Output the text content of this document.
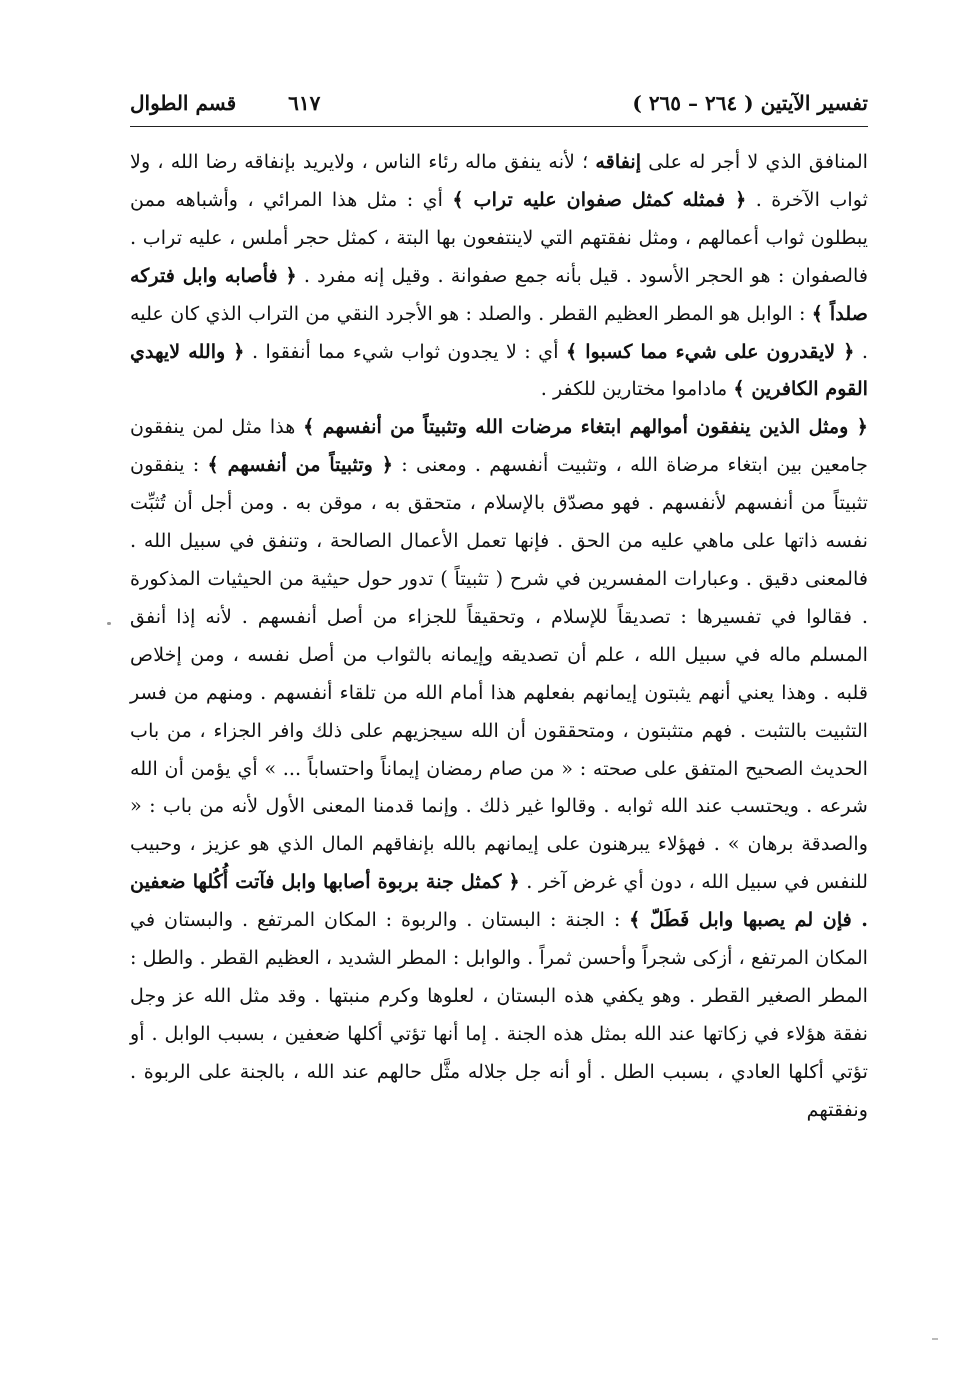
تفسير الآيتين ( ٢٦٤ – ٢٦٥ )
٦١٧  قسم الطوال

المنافق الذي لا أجر له على إنفاقه ؛ لأنه ينفق ماله رئاء الناس ، ولايريد بإنفاقه رضا الله ، ولا ثواب الآخرة . ﴿ فمثله كمثل صفوان عليه تراب ﴾ أي : مثل هذا المرائي ، وأشباهه ممن يبطلون ثواب أعمالهم ، ومثل نفقتهم التي لاينتفعون بها البتة ، كمثل حجر أملس ، عليه تراب . فالصفوان : هو الحجر الأسود . قيل بأنه جمع صفوانة . وقيل إنه مفرد . ﴿ فأصابه وابل فتركه صلداً ﴾ : الوابل هو المطر العظيم القطر . والصلد : هو الأجرد النقي من التراب الذي كان عليه . ﴿ لايقدرون على شيء مما كسبوا ﴾ أي : لا يجدون ثواب شيء مما أنفقوا . ﴿ والله لايهدي القوم الكافرين ﴾ ماداموا مختارين للكفر .

﴿ ومثل الذين ينفقون أموالهم ابتغاء مرضات الله وتثبيتاً من أنفسهم ﴾ هذا مثل لمن ينفقون جامعين بين ابتغاء مرضاة الله ، وتثبيت أنفسهم . ومعنى : ﴿ وتثبيتاً من أنفسهم ﴾ : ينفقون تثبيتاً من أنفسهم لأنفسهم . فهو مصدّق بالإسلام ، متحقق به ، موقن به . ومن أجل أن تُثبِّت نفسه ذاتها على ماهي عليه من الحق . فإنها تعمل الأعمال الصالحة ، وتنفق في سبيل الله . فالمعنى دقيق . وعبارات المفسرين في شرح ( تثبيتاً ) تدور حول حيثية من الحيثيات المذكورة . فقالوا في تفسيرها : تصديقاً للإسلام ، وتحقيقاً للجزاء من أصل أنفسهم . لأنه إذا أنفق المسلم ماله في سبيل الله ، علم أن تصديقه وإيمانه بالثواب من أصل نفسه ، ومن إخلاص قلبه . وهذا يعني أنهم يثبتون إيمانهم بفعلهم هذا أمام الله من تلقاء أنفسهم . ومنهم من فسر التثبيت بالتثبت . فهم متثبتون ، ومتحققون أن الله سيجزيهم على ذلك وافر الجزاء ، من باب الحديث الصحيح المتفق على صحته : « من صام رمضان إيماناً واحتساباً ... » أي يؤمن أن الله شرعه . ويحتسب عند الله ثوابه . وقالوا غير ذلك . وإنما قدمنا المعنى الأول لأنه من باب : « والصدقة برهان » . فهؤلاء يبرهنون على إيمانهم بالله بإنفاقهم المال الذي هو عزيز ، وحبيب للنفس في سبيل الله ، دون أي غرض آخر . ﴿ كمثل جنة بربوة أصابها وابل فآتت أُكُلها ضعفين . فإن لم يصبها وابل فَطَلّ ﴾ : الجنة : البستان . والربوة : المكان المرتفع . والبستان في المكان المرتفع ، أزكى شجراً وأحسن ثمراً . والوابل : المطر الشديد ، العظيم القطر . والطل : المطر الصغير القطر . وهو يكفي هذه البستان ، لعلوها وكرم منبتها . وقد مثل الله عز وجل نفقة هؤلاء في زكاتها عند الله بمثل هذه الجنة . إما أنها تؤتي أكلها ضعفين ، بسبب الوابل . أو تؤتي أكلها العادي ، بسبب الطل . أو أنه جل جلاله مثَّل حالهم عند الله ، بالجنة على الربوة . ونفقتهم
